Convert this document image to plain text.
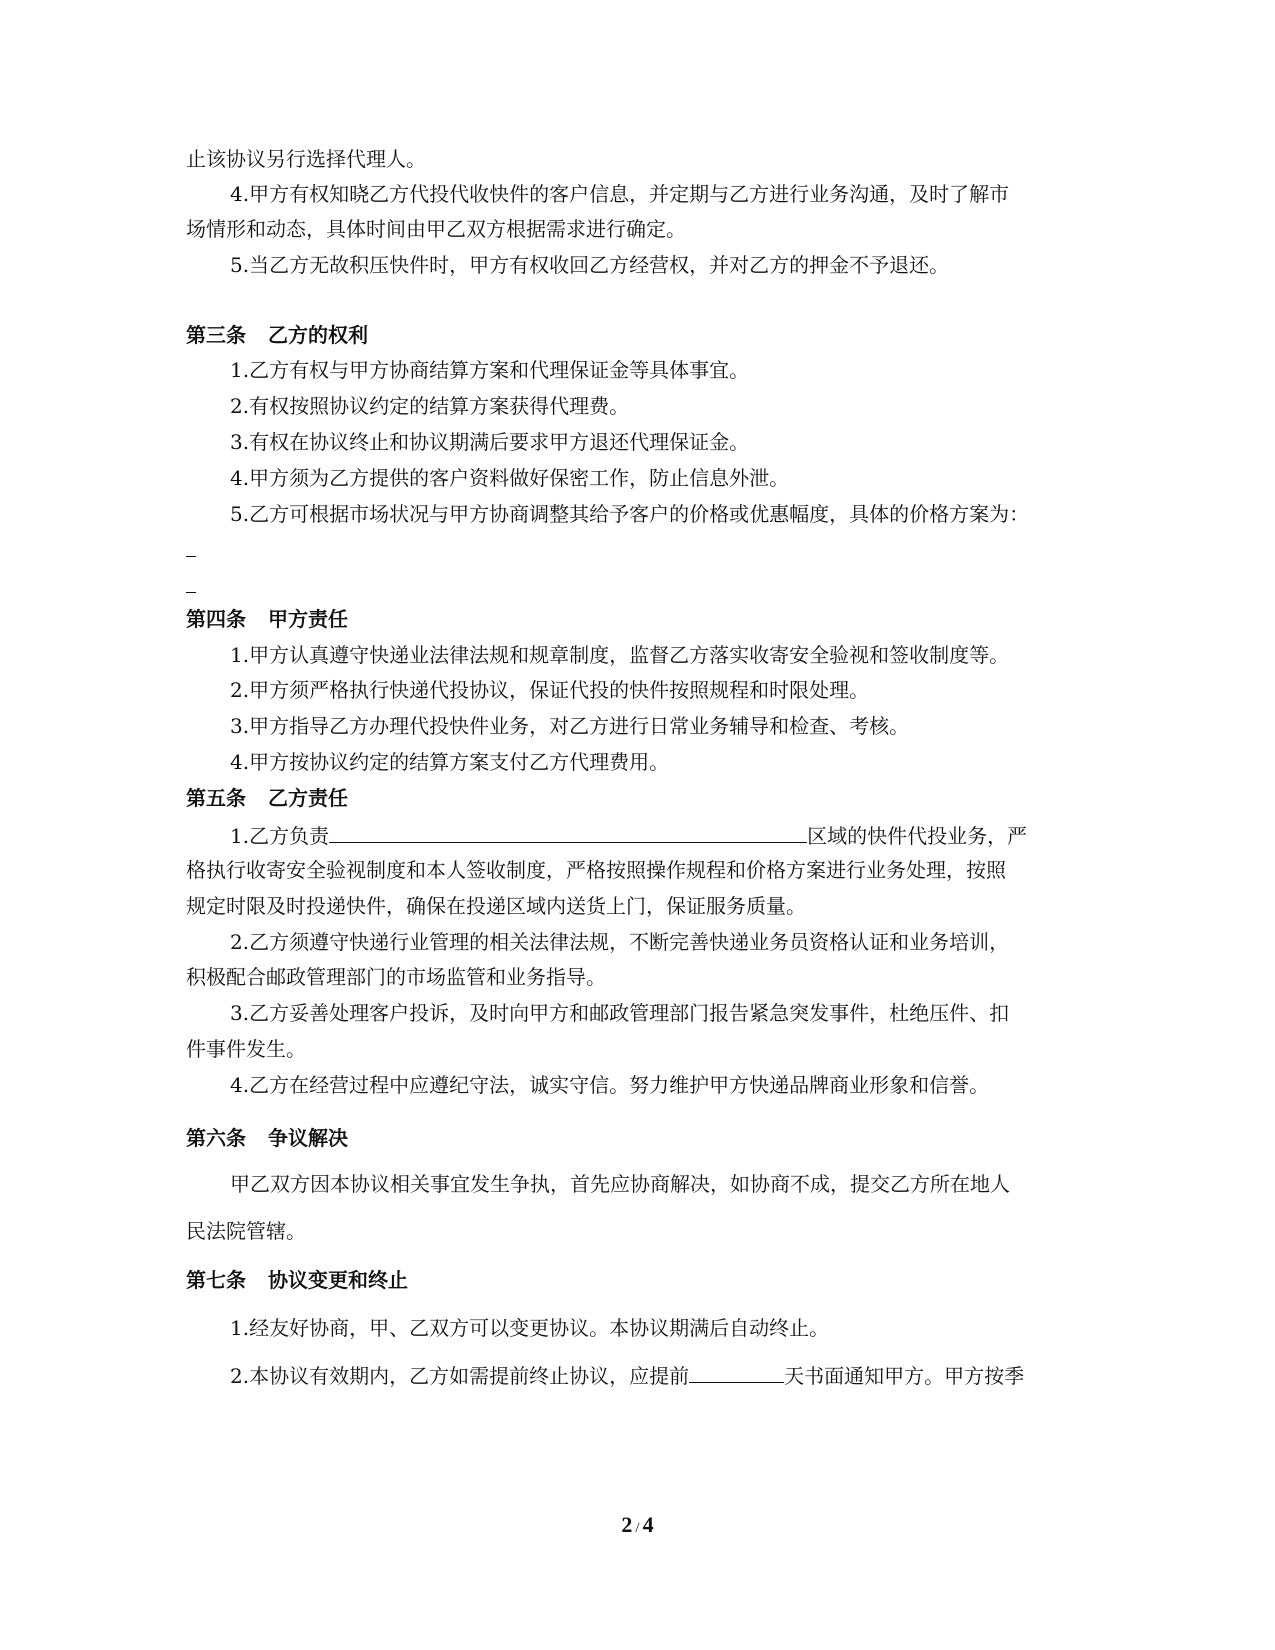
止该协议另行选择代理人。
4.甲方有权知晓乙方代投代收快件的客户信息，并定期与乙方进行业务沟通，及时了解市
场情形和动态，具体时间由甲乙双方根据需求进行确定。
5.当乙方无故积压快件时，甲方有权收回乙方经营权，并对乙方的押金不予退还。
第三条 乙方的权利
1.乙方有权与甲方协商结算方案和代理保证金等具体事宜。
2.有权按照协议约定的结算方案获得代理费。
3.有权在协议终止和协议期满后要求甲方退还代理保证金。
4.甲方须为乙方提供的客户资料做好保密工作，防止信息外泄。
5.乙方可根据市场状况与甲方协商调整其给予客户的价格或优惠幅度，具体的价格方案为：
第四条 甲方责任
1.甲方认真遵守快递业法律法规和规章制度，监督乙方落实收寄安全验视和签收制度等。
2.甲方须严格执行快递代投协议，保证代投的快件按照规程和时限处理。
3.甲方指导乙方办理代投快件业务，对乙方进行日常业务辅导和检查、考核。
4.甲方按协议约定的结算方案支付乙方代理费用。
第五条 乙方责任
1.乙方负责	区域的快件代投业务，严
格执行收寄安全验视制度和本人签收制度，严格按照操作规程和价格方案进行业务处理，按照
规定时限及时投递快件，确保在投递区域内送货上门，保证服务质量。
2.乙方须遵守快递行业管理的相关法律法规，不断完善快递业务员资格认证和业务培训，
积极配合邮政管理部门的市场监管和业务指导。
3.乙方妥善处理客户投诉，及时向甲方和邮政管理部门报告紧急突发事件，杜绝压件、扣
件事件发生。
4.乙方在经营过程中应遵纪守法，诚实守信。努力维护甲方快递品牌商业形象和信誉。
第六条 争议解决
甲乙双方因本协议相关事宜发生争执，首先应协商解决，如协商不成，提交乙方所在地人
民法院管辖。
第七条 协议变更和终止
1.经友好协商，甲、乙双方可以变更协议。本协议期满后自动终止。
2.本协议有效期内，乙方如需提前终止协议，应提前	天书面通知甲方。甲方按季
2 / 4
